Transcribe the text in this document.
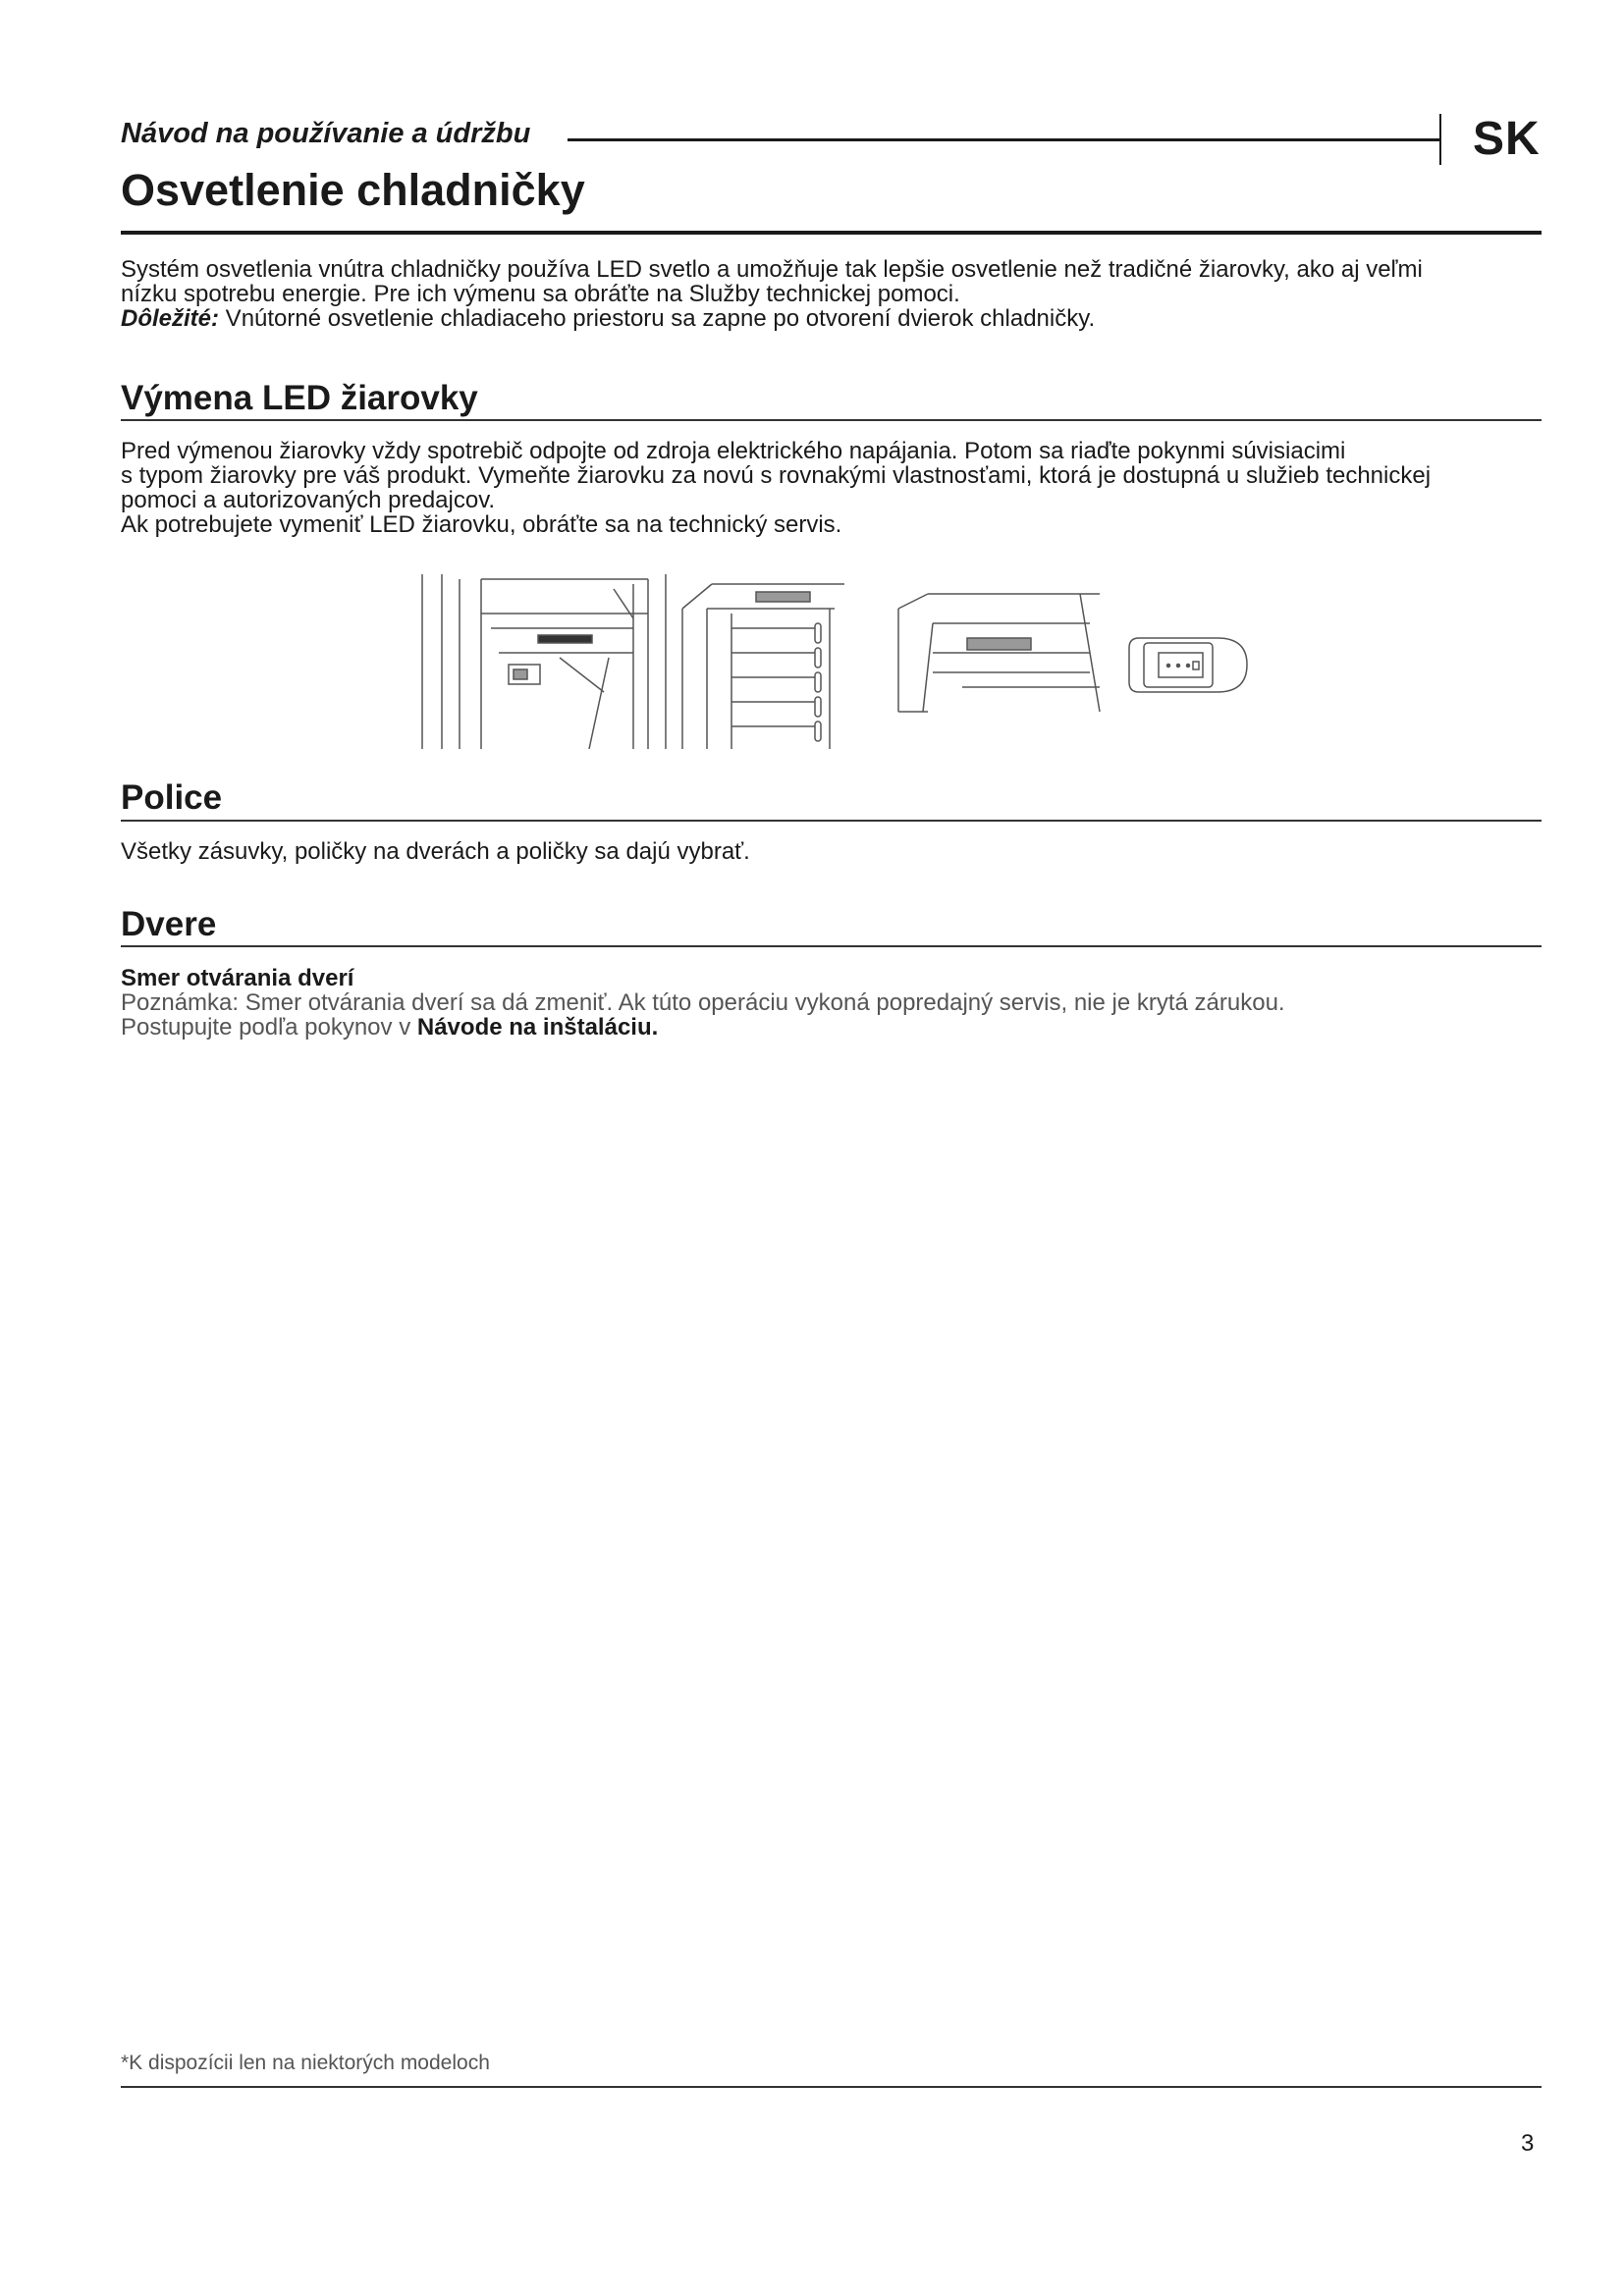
Návod na používanie a údržbu	SK
Osvetlenie chladničky
Systém osvetlenia vnútra chladničky používa LED svetlo a umožňuje tak lepšie osvetlenie než tradičné žiarovky, ako aj veľmi
nízku spotrebu energie. Pre ich výmenu sa obráťte na Služby technickej pomoci.
Dôležité: Vnútorné osvetlenie chladiaceho priestoru sa zapne po otvorení dvierok chladničky.
Výmena LED žiarovky
Pred výmenou žiarovky vždy spotrebič odpojte od zdroja elektrického napájania. Potom sa riaďte pokynmi súvisiacimi
s typom žiarovky pre váš produkt. Vymeňte žiarovku za novú s rovnakými vlastnosťami, ktorá je dostupná u služieb technickej
pomoci a autorizovaných predajcov.
Ak potrebujete vymeniť LED žiarovku, obráťte sa na technický servis.
Police
Všetky zásuvky, poličky na dverách a poličky sa dajú vybrať.
Dvere
Smer otvárania dverí
Poznámka: Smer otvárania dverí sa dá zmeniť. Ak túto operáciu vykoná popredajný servis, nie je krytá zárukou.
Postupujte podľa pokynov v Návode na inštaláciu.
*K dispozícii len na niektorých modeloch
3
